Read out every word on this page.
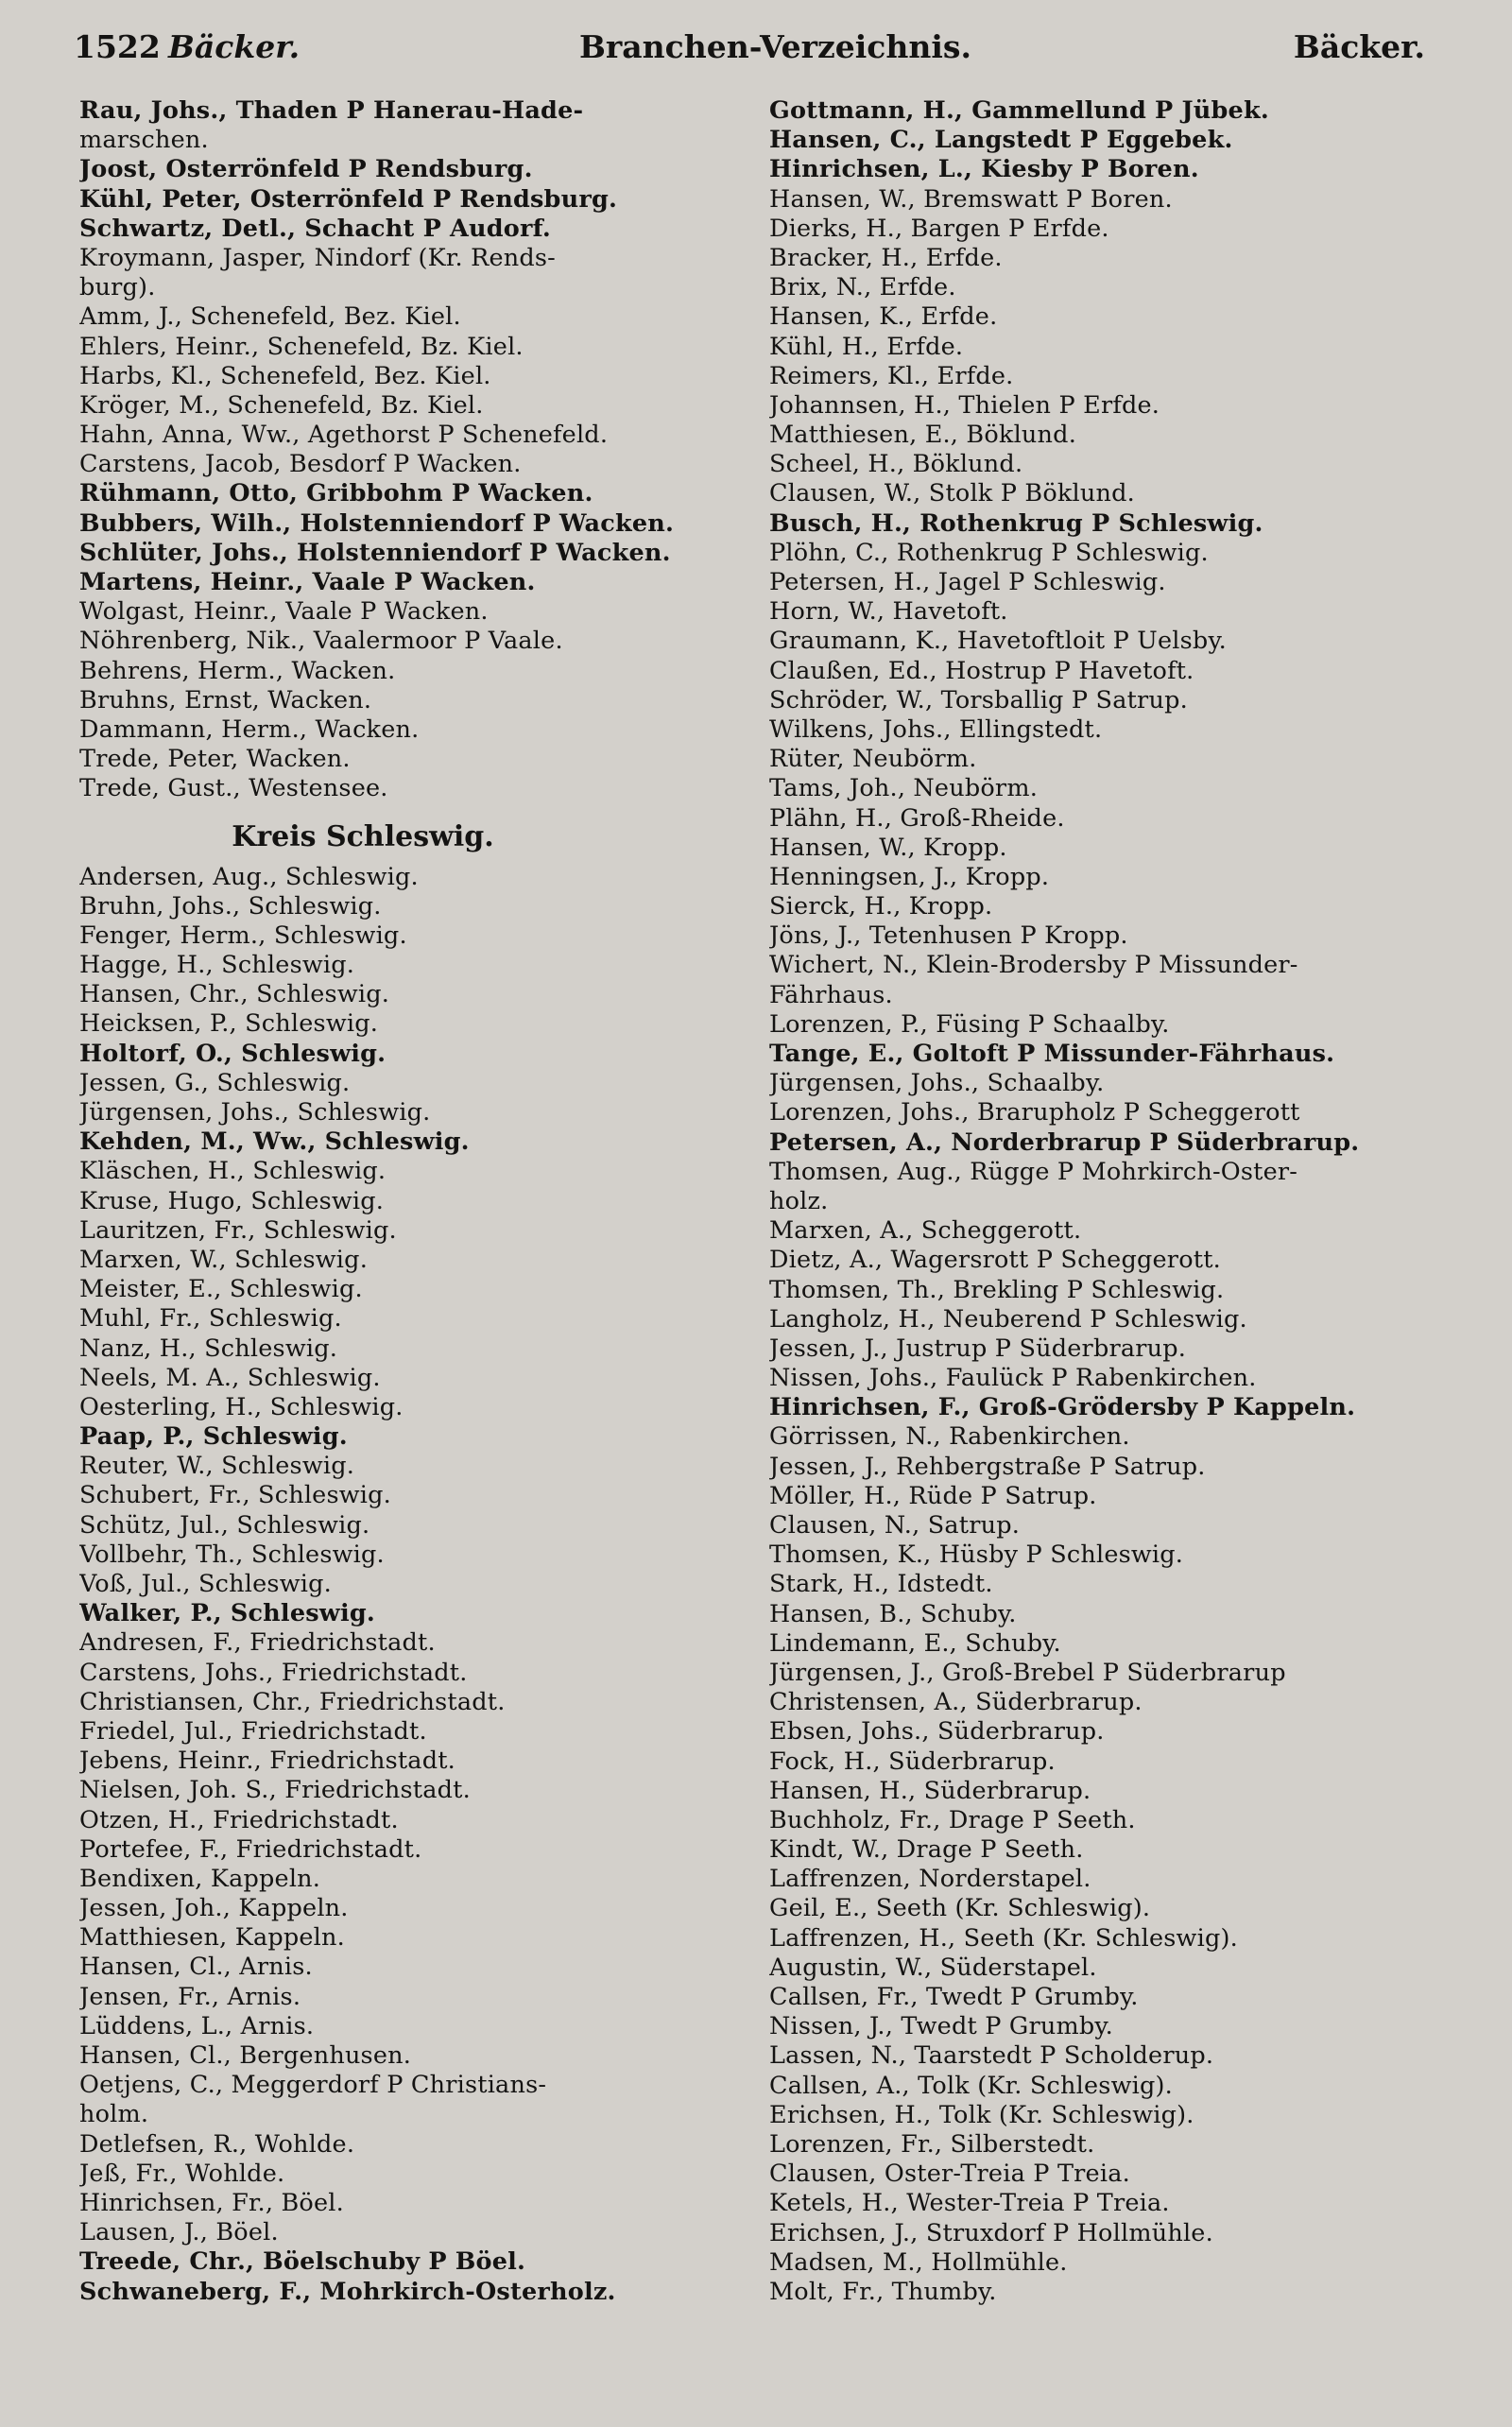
1522 Bäcker.	Branchen-Verzeichnis.	Bäcker.
Rau, Johs., Thaden P Hanerau-Hade-
marschen.
Joost, Osterrönfeld P Rendsburg.
Kühl, Peter, Osterrönfeld P Rendsburg.
Schwartz, Detl., Schacht P Audorf.
Kroymann, Jasper, Nindorf (Kr. Rends-
burg).
Amm, J., Schenefeld, Bez. Kiel.
Ehlers, Heinr., Schenefeld, Bz. Kiel.
Harbs, Kl., Schenefeld, Bez. Kiel.
Kröger, M., Schenefeld, Bz. Kiel.
Hahn, Anna, Ww., Agethorst P Schenefeld.
Carstens, Jacob, Besdorf P Wacken.
Rühmann, Otto, Gribbohm P Wacken.
Bubbers, Wilh., Holstenniendorf P Wacken.
Schlüter, Johs., Holstenniendorf P Wacken.
Martens, Heinr., Vaale P Wacken.
Wolgast, Heinr., Vaale P Wacken.
Nöhrenberg, Nik., Vaalermoor P Vaale.
Behrens, Herm., Wacken.
Bruhns, Ernst, Wacken.
Dammann, Herm., Wacken.
Trede, Peter, Wacken.
Trede, Gust., Westensee.
Kreis Schleswig.
Andersen, Aug., Schleswig.
Bruhn, Johs., Schleswig.
Fenger, Herm., Schleswig.
Hagge, H., Schleswig.
Hansen, Chr., Schleswig.
Heicksen, P., Schleswig.
Holtorf, O., Schleswig.
Jessen, G., Schleswig.
Jürgensen, Johs., Schleswig.
Kehden, M., Ww., Schleswig.
Kläschen, H., Schleswig.
Kruse, Hugo, Schleswig.
Lauritzen, Fr., Schleswig.
Marxen, W., Schleswig.
Meister, E., Schleswig.
Muhl, Fr., Schleswig.
Nanz, H., Schleswig.
Neels, M. A., Schleswig.
Oesterling, H., Schleswig.
Paap, P., Schleswig.
Reuter, W., Schleswig.
Schubert, Fr., Schleswig.
Schütz, Jul., Schleswig.
Vollbehr, Th., Schleswig.
Voß, Jul., Schleswig.
Walker, P., Schleswig.
Andresen, F., Friedrichstadt.
Carstens, Johs., Friedrichstadt.
Christiansen, Chr., Friedrichstadt.
Friedel, Jul., Friedrichstadt.
Jebens, Heinr., Friedrichstadt.
Nielsen, Joh. S., Friedrichstadt.
Otzen, H., Friedrichstadt.
Portefee, F., Friedrichstadt.
Bendixen, Kappeln.
Jessen, Joh., Kappeln.
Matthiesen, Kappeln.
Hansen, Cl., Arnis.
Jensen, Fr., Arnis.
Lüddens, L., Arnis.
Hansen, Cl., Bergenhusen.
Oetjens, C., Meggerdorf P Christians-
holm.
Detlefsen, R., Wohlde.
Jeß, Fr., Wohlde.
Hinrichsen, Fr., Böel.
Lausen, J., Böel.
Treede, Chr., Böelschuby P Böel.
Schwaneberg, F., Mohrkirch-Osterholz.
Gottmann, H., Gammellund P Jübek.
Hansen, C., Langstedt P Eggebek.
Hinrichsen, L., Kiesby P Boren.
Hansen, W., Bremswatt P Boren.
Dierks, H., Bargen P Erfde.
Bracker, H., Erfde.
Brix, N., Erfde.
Hansen, K., Erfde.
Kühl, H., Erfde.
Reimers, Kl., Erfde.
Johannsen, H., Thielen P Erfde.
Matthiesen, E., Böklund.
Scheel, H., Böklund.
Clausen, W., Stolk P Böklund.
Busch, H., Rothenkrug P Schleswig.
Plöhn, C., Rothenkrug P Schleswig.
Petersen, H., Jagel P Schleswig.
Horn, W., Havetoft.
Graumann, K., Havetoftloit P Uelsby.
Claußen, Ed., Hostrup P Havetoft.
Schröder, W., Torsballig P Satrup.
Wilkens, Johs., Ellingstedt.
Rüter, Neubörm.
Tams, Joh., Neubörm.
Plähn, H., Groß-Rheide.
Hansen, W., Kropp.
Henningsen, J., Kropp.
Sierck, H., Kropp.
Jöns, J., Tetenhusen P Kropp.
Wichert, N., Klein-Brodersby P Missunder-
Fährhaus.
Lorenzen, P., Füsing P Schaalby.
Tange, E., Goltoft P Missunder-Fährhaus.
Jürgensen, Johs., Schaalby.
Lorenzen, Johs., Brarupholz P Scheggerott
Petersen, A., Norderbrarup P Süderbrarup.
Thomsen, Aug., Rügge P Mohrkirch-Oster-
holz.
Marxen, A., Scheggerott.
Dietz, A., Wagersrott P Scheggerott.
Thomsen, Th., Brekling P Schleswig.
Langholz, H., Neuberend P Schleswig.
Jessen, J., Justrup P Süderbrarup.
Nissen, Johs., Faulück P Rabenkirchen.
Hinrichsen, F., Groß-Grödersby P Kappeln.
Görrissen, N., Rabenkirchen.
Jessen, J., Rehbergstraße P Satrup.
Möller, H., Rüde P Satrup.
Clausen, N., Satrup.
Thomsen, K., Hüsby P Schleswig.
Stark, H., Idstedt.
Hansen, B., Schuby.
Lindemann, E., Schuby.
Jürgensen, J., Groß-Brebel P Süderbrarup
Christensen, A., Süderbrarup.
Ebsen, Johs., Süderbrarup.
Fock, H., Süderbrarup.
Hansen, H., Süderbrarup.
Buchholz, Fr., Drage P Seeth.
Kindt, W., Drage P Seeth.
Laffrenzen, Norderstapel.
Geil, E., Seeth (Kr. Schleswig).
Laffrenzen, H., Seeth (Kr. Schleswig).
Augustin, W., Süderstapel.
Callsen, Fr., Twedt P Grumby.
Nissen, J., Twedt P Grumby.
Lassen, N., Taarstedt P Scholderup.
Callsen, A., Tolk (Kr. Schleswig).
Erichsen, H., Tolk (Kr. Schleswig).
Lorenzen, Fr., Silberstedt.
Clausen, Oster-Treia P Treia.
Ketels, H., Wester-Treia P Treia.
Erichsen, J., Struxdorf P Hollmühle.
Madsen, M., Hollmühle.
Molt, Fr., Thumby.
